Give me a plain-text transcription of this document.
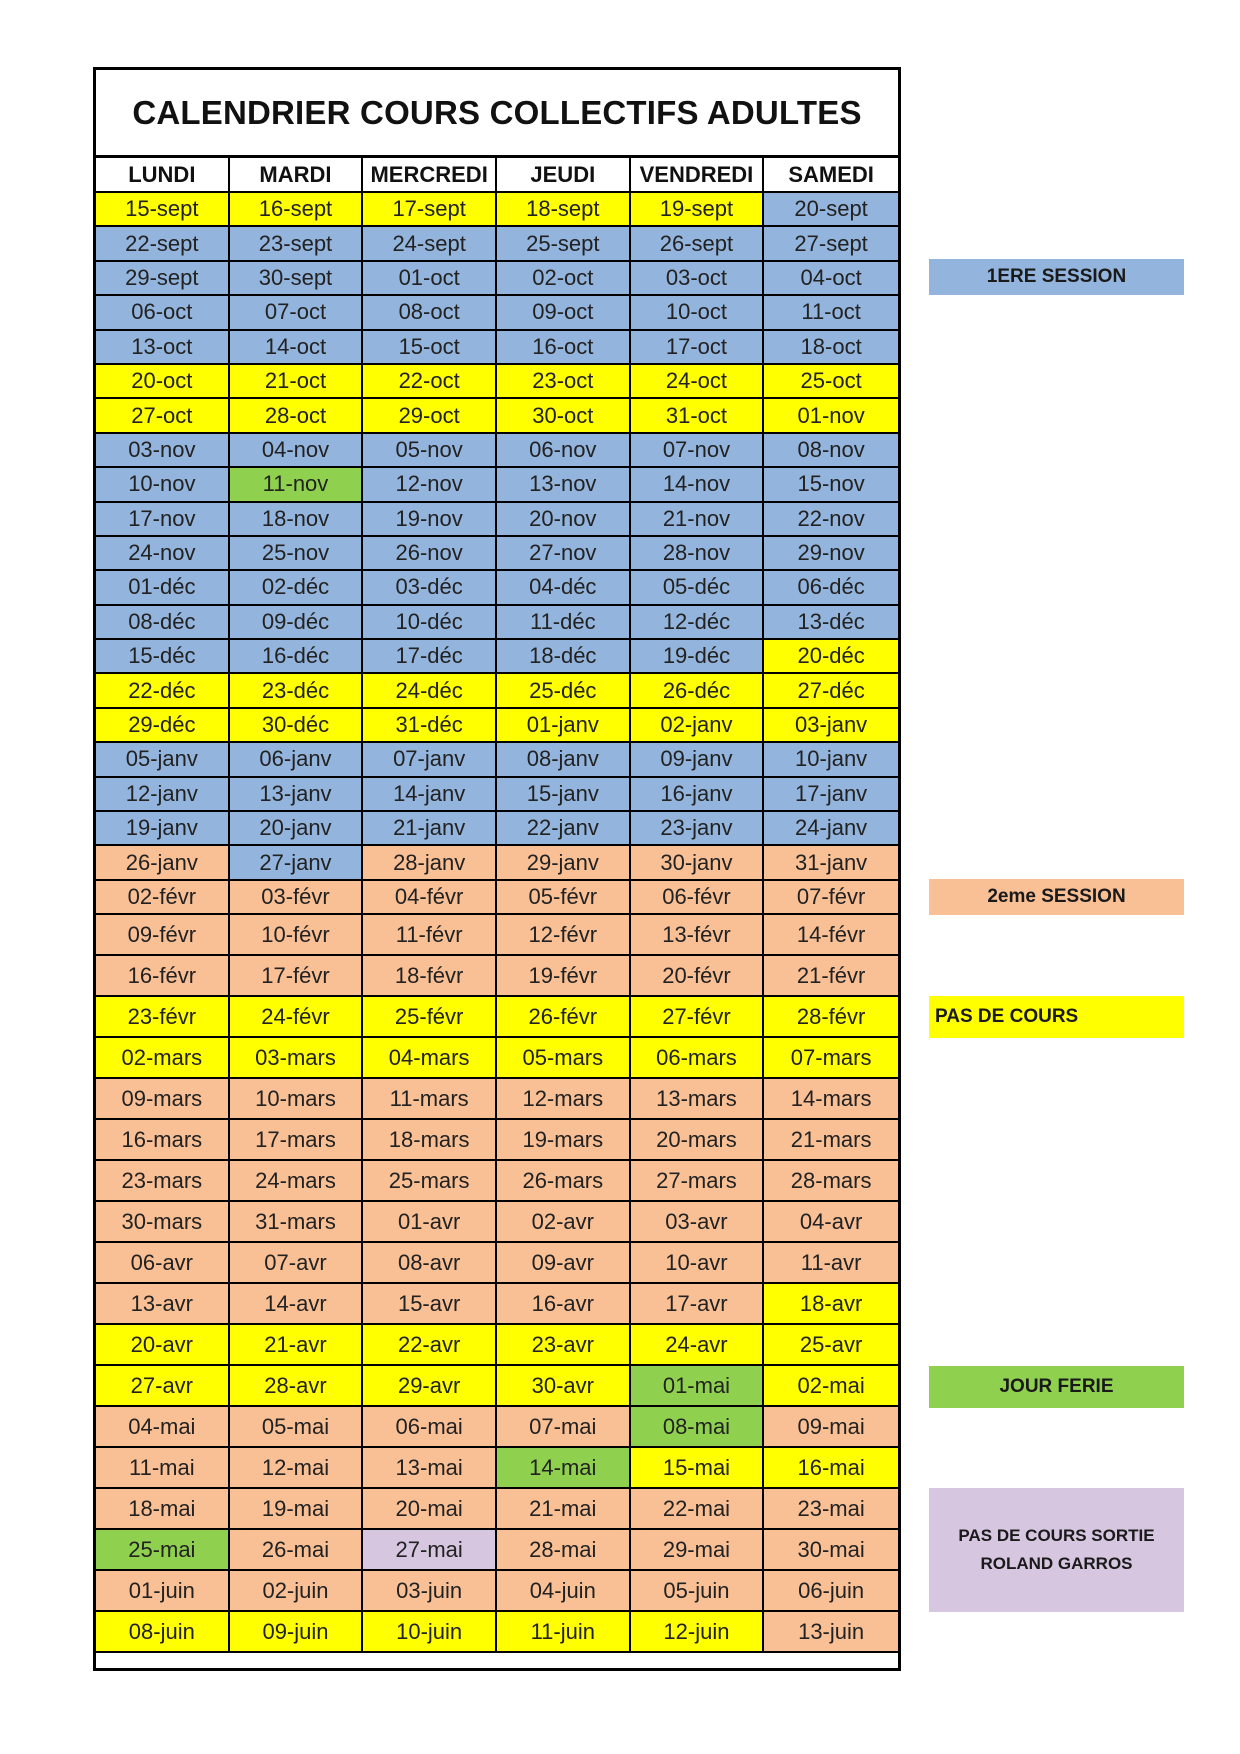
CALENDRIER COURS COLLECTIFS ADULTES
LUNDI	MARDI	MERCREDI	JEUDI	VENDREDI	SAMEDI
15-sept	16-sept	17-sept	18-sept	19-sept	20-sept
22-sept	23-sept	24-sept	25-sept	26-sept	27-sept
29-sept	30-sept	01-oct	02-oct	03-oct	04-oct
06-oct	07-oct	08-oct	09-oct	10-oct	11-oct
13-oct	14-oct	15-oct	16-oct	17-oct	18-oct
20-oct	21-oct	22-oct	23-oct	24-oct	25-oct
27-oct	28-oct	29-oct	30-oct	31-oct	01-nov
03-nov	04-nov	05-nov	06-nov	07-nov	08-nov
10-nov	11-nov	12-nov	13-nov	14-nov	15-nov
17-nov	18-nov	19-nov	20-nov	21-nov	22-nov
24-nov	25-nov	26-nov	27-nov	28-nov	29-nov
01-déc	02-déc	03-déc	04-déc	05-déc	06-déc
08-déc	09-déc	10-déc	11-déc	12-déc	13-déc
15-déc	16-déc	17-déc	18-déc	19-déc	20-déc
22-déc	23-déc	24-déc	25-déc	26-déc	27-déc
29-déc	30-déc	31-déc	01-janv	02-janv	03-janv
05-janv	06-janv	07-janv	08-janv	09-janv	10-janv
12-janv	13-janv	14-janv	15-janv	16-janv	17-janv
19-janv	20-janv	21-janv	22-janv	23-janv	24-janv
26-janv	27-janv	28-janv	29-janv	30-janv	31-janv
02-févr	03-févr	04-févr	05-févr	06-févr	07-févr
09-févr	10-févr	11-févr	12-févr	13-févr	14-févr
16-févr	17-févr	18-févr	19-févr	20-févr	21-févr
23-févr	24-févr	25-févr	26-févr	27-févr	28-févr
02-mars	03-mars	04-mars	05-mars	06-mars	07-mars
09-mars	10-mars	11-mars	12-mars	13-mars	14-mars
16-mars	17-mars	18-mars	19-mars	20-mars	21-mars
23-mars	24-mars	25-mars	26-mars	27-mars	28-mars
30-mars	31-mars	01-avr	02-avr	03-avr	04-avr
06-avr	07-avr	08-avr	09-avr	10-avr	11-avr
13-avr	14-avr	15-avr	16-avr	17-avr	18-avr
20-avr	21-avr	22-avr	23-avr	24-avr	25-avr
27-avr	28-avr	29-avr	30-avr	01-mai	02-mai
04-mai	05-mai	06-mai	07-mai	08-mai	09-mai
11-mai	12-mai	13-mai	14-mai	15-mai	16-mai
18-mai	19-mai	20-mai	21-mai	22-mai	23-mai
25-mai	26-mai	27-mai	28-mai	29-mai	30-mai
01-juin	02-juin	03-juin	04-juin	05-juin	06-juin
08-juin	09-juin	10-juin	11-juin	12-juin	13-juin
1ERE SESSION
2eme SESSION
PAS DE COURS
JOUR FERIE
PAS DE COURS SORTIE
ROLAND GARROS
